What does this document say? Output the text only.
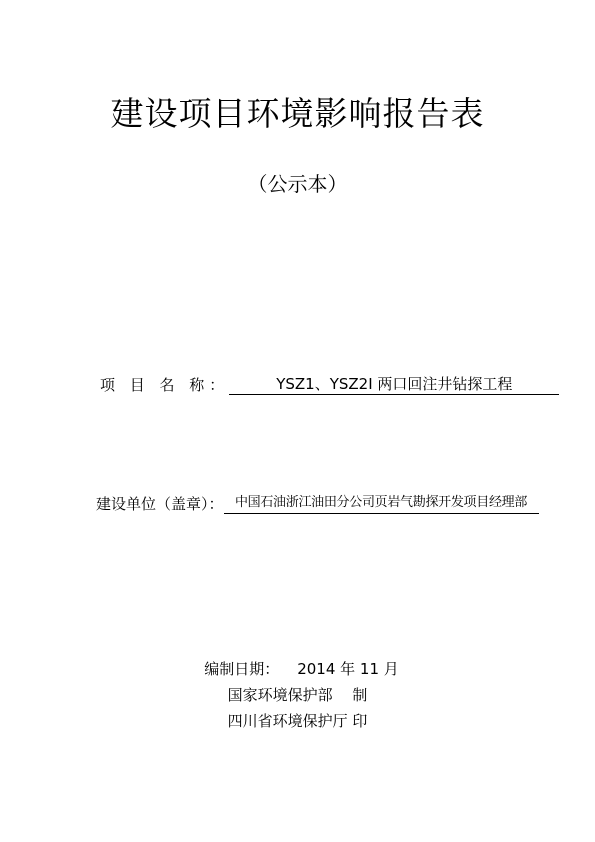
建设项目环境影响报告表
（公示本）
项 目 名 称：	YSZ1、YSZ2I 两口回注井钻探工程
建设单位（盖章）： 中国石油浙江油田分公司页岩气勘探开发项目经理部
编制日期： 2014 年 11 月
国家环境保护部　 制
四川省环境保护厅 印
